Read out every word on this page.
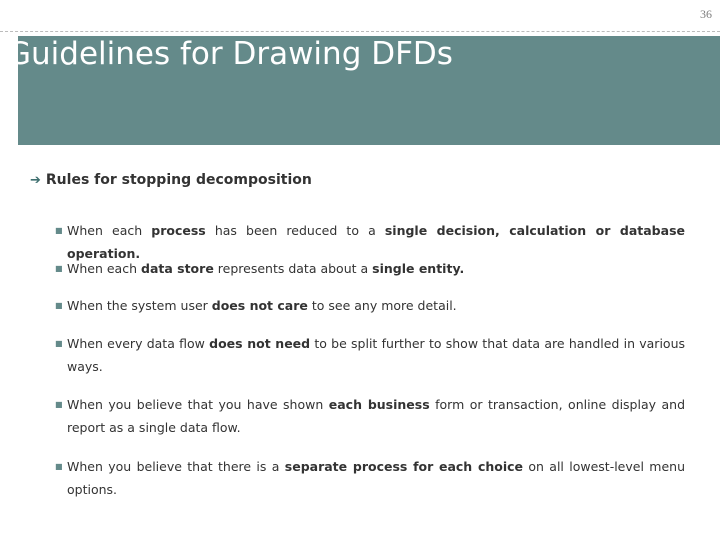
36
Guidelines for Drawing DFDs
➔ Rules for stopping decomposition
■ When each process has been reduced to a single decision, calculation or database operation.
■ When each data store represents data about a single entity.
■ When the system user does not care to see any more detail.
■ When every data flow does not need to be split further to show that data are handled in various ways.
■ When you believe that you have shown each business form or transaction, online display and report as a single data flow.
■ When you believe that there is a separate process for each choice on all lowest-level menu options.
